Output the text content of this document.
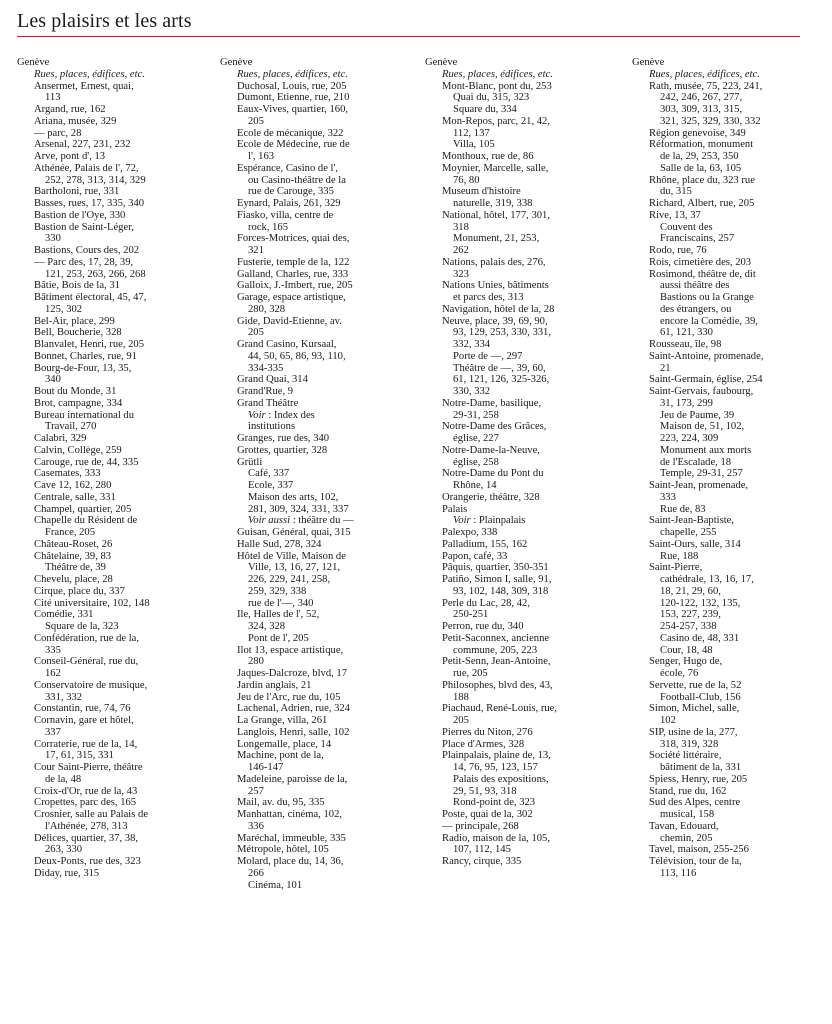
Les plaisirs et les arts
Genève
Rues, places, édifices, etc.
Ansermet, Ernest, quai,
113
Argand, rue, 162
Ariana, musée, 329
— parc, 28
Arsenal, 227, 231, 232
Arve, pont d', 13
Athénée, Palais de l', 72,
252, 278, 313, 314, 329
Bartholoni, rue, 331
Basses, rues, 17, 335, 340
Bastion de l'Oye, 330
Bastion de Saint-Léger,
330
Bastions, Cours des, 202
— Parc des, 17, 28, 39,
121, 253, 263, 266, 268
Bâtie, Bois de la, 31
Bâtiment électoral, 45, 47,
125, 302
Bel-Air, place, 299
Bell, Boucherie, 328
Blanvalet, Henri, rue, 205
Bonnet, Charles, rue, 91
Bourg-de-Four, 13, 35,
340
Bout du Monde, 31
Brot, campagne, 334
Bureau international du
Travail, 270
Calabri, 329
Calvin, Collège, 259
Carouge, rue de, 44, 335
Casemates, 333
Cave 12, 162, 280
Centrale, salle, 331
Champel, quartier, 205
Chapelle du Résident de
France, 205
Château-Roset, 26
Châtelaine, 39, 83
Théâtre de, 39
Chevelu, place, 28
Cirque, place du, 337
Cité universitaire, 102, 148
Comédie, 331
Square de la, 323
Confédération, rue de la,
335
Conseil-Général, rue du,
162
Conservatoire de musique,
331, 332
Constantin, rue, 74, 76
Cornavin, gare et hôtel,
337
Corraterie, rue de la, 14,
17, 61, 315, 331
Cour Saint-Pierre, théâtre
de la, 48
Croix-d'Or, rue de la, 43
Cropettes, parc des, 165
Crosnier, salle au Palais de
l'Athénée, 278, 313
Délices, quartier, 37, 38,
263, 330
Deux-Ponts, rue des, 323
Diday, rue, 315
Genève
Rues, places, édifices, etc.
Duchosal, Louis, rue, 205
Dumont, Etienne, rue, 210
Eaux-Vives, quartier, 160,
205
Ecole de mécanique, 322
Ecole de Médecine, rue de
l', 163
Espérance, Casino de l',
ou Casino-théâtre de la
rue de Carouge, 335
Eynard, Palais, 261, 329
Fiasko, villa, centre de
rock, 165
Forces-Motrices, quai des,
321
Fusterie, temple de la, 122
Galland, Charles, rue, 333
Galloix, J.-Imbert, rue, 205
Garage, espace artistique,
280, 328
Gide, David-Etienne, av.
205
Grand Casino, Kursaal,
44, 50, 65, 86, 93, 110,
334-335
Grand Quai, 314
Grand'Rue, 9
Grand Théâtre
Voir : Index des
institutions
Granges, rue des, 340
Grottes, quartier, 328
Grütli
Café, 337
Ecole, 337
Maison des arts, 102,
281, 309, 324, 331, 337
Voir aussi : théâtre du —
Guisan, Général, quai, 315
Halle Sud, 278, 324
Hôtel de Ville, Maison de
Ville, 13, 16, 27, 121,
226, 229, 241, 258,
259, 329, 338
rue de l'—, 340
Ile, Halles de l', 52,
324, 328
Pont de l', 205
Ilot 13, espace artistique,
280
Jaques-Dalcroze, blvd, 17
Jardin anglais, 21
Jeu de l'Arc, rue du, 105
Lachenal, Adrien, rue, 324
La Grange, villa, 261
Langlois, Henri, salle, 102
Longemalle, place, 14
Machine, pont de la,
146-147
Madeleine, paroisse de la,
257
Mail, av. du, 95, 335
Manhattan, cinéma, 102,
336
Maréchal, immeuble, 335
Métropole, hôtel, 105
Molard, place du, 14, 36,
266
Cinéma, 101
Genève
Rues, places, édifices, etc.
Mont-Blanc, pont du, 253
Quai du, 315, 323
Square du, 334
Mon-Repos, parc, 21, 42,
112, 137
Villa, 105
Monthoux, rue de, 86
Moynier, Marcelle, salle,
76, 80
Museum d'histoire
naturelle, 319, 338
National, hôtel, 177, 301,
318
Monument, 21, 253,
262
Nations, palais des, 276,
323
Nations Unies, bâtiments
et parcs des, 313
Navigation, hôtel de la, 28
Neuve, place, 39, 69, 90,
93, 129, 253, 330, 331,
332, 334
Porte de —, 297
Théâtre de —, 39, 60,
61, 121, 126, 325-326,
330, 332
Notre-Dame, basilique,
29-31, 258
Notre-Dame des Grâces,
église, 227
Notre-Dame-la-Neuve,
église, 258
Notre-Dame du Pont du
Rhône, 14
Orangerie, théâtre, 328
Palais
Voir : Plainpalais
Palexpo, 338
Palladium, 155, 162
Papon, café, 33
Pâquis, quartier, 350-351
Patiño, Simon I, salle, 91,
93, 102, 148, 309, 318
Perle du Lac, 28, 42,
250-251
Perron, rue du, 340
Petit-Saconnex, ancienne
commune, 205, 223
Petit-Senn, Jean-Antoine,
rue, 205
Philosophes, blvd des, 43,
188
Piachaud, René-Louis, rue,
205
Pierres du Niton, 276
Place d'Armes, 328
Plainpalais, plaine de, 13,
14, 76, 95, 123, 157
Palais des expositions,
29, 51, 93, 318
Rond-point de, 323
Poste, quai de la, 302
— principale, 268
Radio, maison de la, 105,
107, 112, 145
Rancy, cirque, 335
Genève
Rues, places, édifices, etc.
Rath, musée, 75, 223, 241,
242, 246, 267, 277,
303, 309, 313, 315,
321, 325, 329, 330, 332
Région genevoise, 349
Réformation, monument
de la, 29, 253, 350
Salle de la, 63, 105
Rhône, place du, 323 rue
du, 315
Richard, Albert, rue, 205
Rive, 13, 37
Couvent des
Franciscains, 257
Rodo, rue, 76
Rois, cimetière des, 203
Rosimond, théâtre de, dit
aussi théâtre des
Bastions ou la Grange
des étrangers, ou
encore la Comédie, 39,
61, 121, 330
Rousseau, île, 98
Saint-Antoine, promenade,
21
Saint-Germain, église, 254
Saint-Gervais, faubourg,
31, 173, 299
Jeu de Paume, 39
Maison de, 51, 102,
223, 224, 309
Monument aux morts
de l'Escalade, 18
Temple, 29-31, 257
Saint-Jean, promenade,
333
Rue de, 83
Saint-Jean-Baptiste,
chapelle, 255
Saint-Ours, salle, 314
Rue, 188
Saint-Pierre,
cathédrale, 13, 16, 17,
18, 21, 29, 60,
120-122, 132, 135,
153, 227, 239,
254-257, 338
Casino de, 48, 331
Cour, 18, 48
Senger, Hugo de,
école, 76
Servette, rue de la, 52
Football-Club, 156
Simon, Michel, salle,
102
SIP, usine de la, 277,
318, 319, 328
Société littéraire,
bâtiment de la, 331
Spiess, Henry, rue, 205
Stand, rue du, 162
Sud des Alpes, centre
musical, 158
Tavan, Edouard,
chemin, 205
Tavel, maison, 255-256
Télévision, tour de la,
113, 116
